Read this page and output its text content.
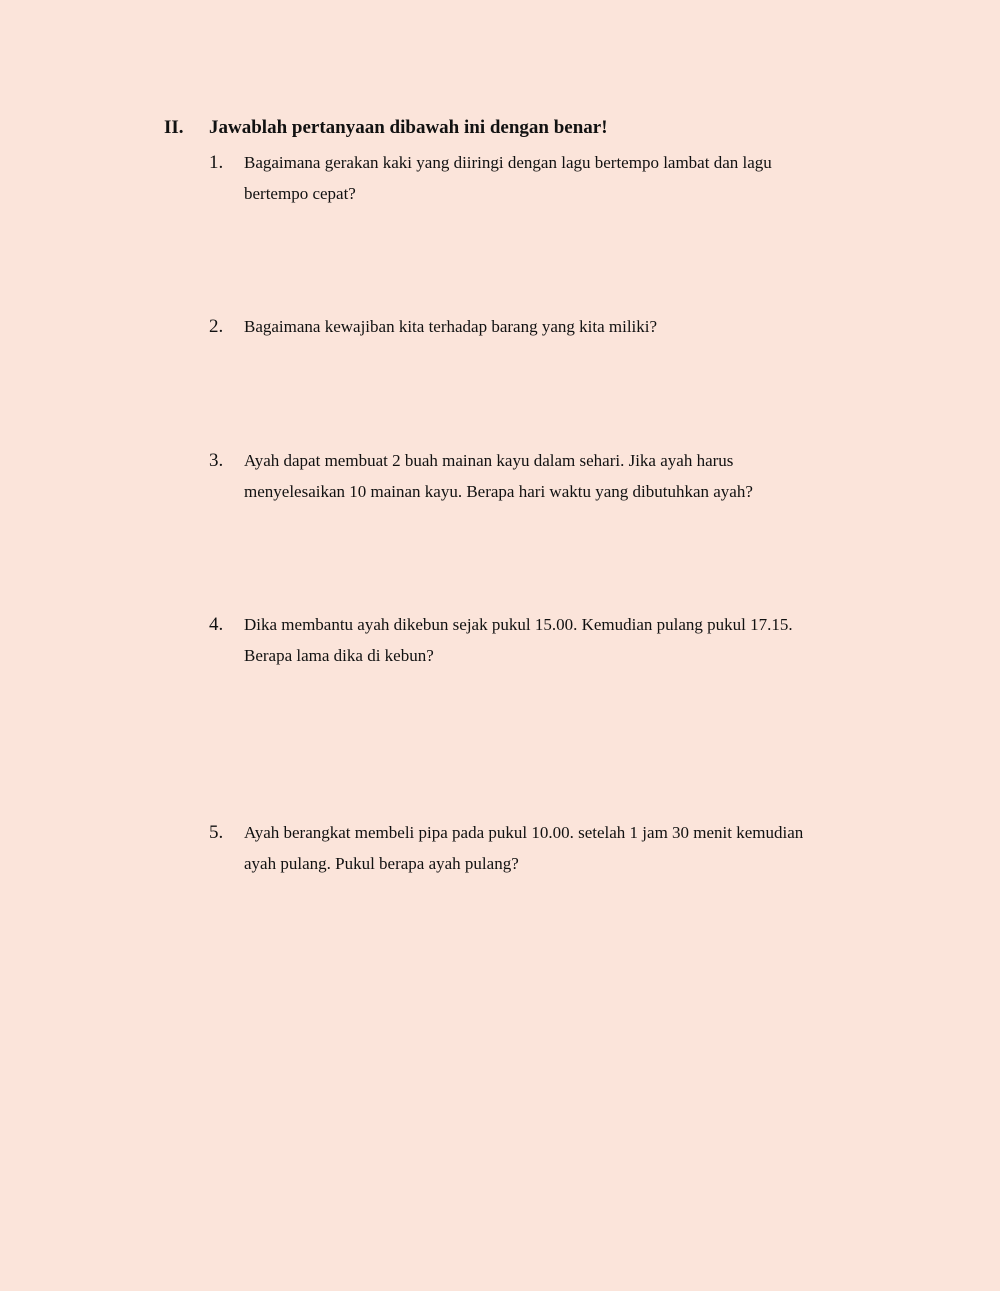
II.	Jawablah pertanyaan dibawah ini dengan benar!
1. Bagaimana gerakan kaki yang diiringi dengan lagu bertempo lambat dan lagu bertempo cepat?
2. Bagaimana kewajiban kita terhadap barang yang kita miliki?
3. Ayah dapat membuat 2 buah mainan kayu dalam sehari. Jika ayah harus menyelesaikan 10 mainan kayu. Berapa hari waktu yang dibutuhkan ayah?
4. Dika membantu ayah dikebun sejak pukul 15.00. Kemudian pulang pukul 17.15. Berapa lama dika di kebun?
5. Ayah berangkat membeli pipa pada pukul 10.00. setelah 1 jam 30 menit kemudian ayah pulang. Pukul berapa ayah pulang?
